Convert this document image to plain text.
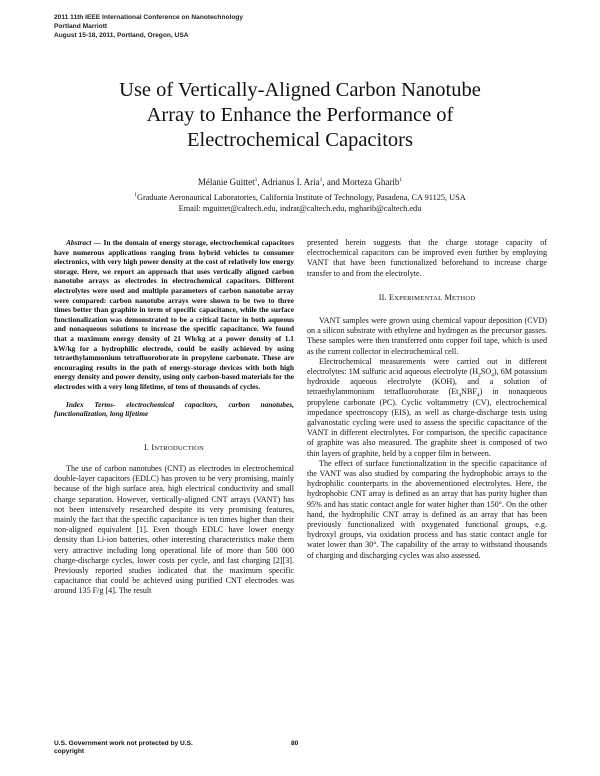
2011 11th IEEE International Conference on Nanotechnology
Portland Marriott
August 15-18, 2011, Portland, Oregon, USA
Use of Vertically-Aligned Carbon Nanotube
Array to Enhance the Performance of
Electrochemical Capacitors
Mélanie Guittet$^1$, Adrianus I. Aria$^1$, and Morteza Gharib$^1$
$^1$Graduate Aeronautical Laboratories, California Institute of Technology, Pasadena, CA 91125, USA
Email: mguittet@caltech.edu, indrat@caltech.edu, mgharib@caltech.edu

Abstract — In the domain of energy storage, electrochemical capacitors have numerous applications ranging from hybrid vehicles to consumer electronics, with very high power density at the cost of relatively low energy storage. Here, we report an approach that uses vertically aligned carbon nanotube arrays as electrodes in electrochemical capacitors. Different electrolytes were used and multiple parameters of carbon nanotube array were compared: carbon nanotube arrays were shown to be two to three times better than graphite in term of specific capacitance, while the surface functionalization was demonstrated to be a critical factor in both aqueous and nonaqueous solutions to increase the specific capacitance. We found that a maximum energy density of 21 Wh/kg at a power density of 1.1 kW/kg for a hydrophilic electrode, could be easily achieved by using tetraethylammonium tetrafluoroborate in propylene carbonate. These are encouraging results in the path of energy-storage devices with both high energy density and power density, using only carbon-based materials for the electrodes with a very long lifetime, of tens of thousands of cycles.

Index Terms- electrochemical capacitors, carbon nanotubes, functionalization, long lifetime

I. INTRODUCTION

The use of carbon nanotubes (CNT) as electrodes in electrochemical double-layer capacitors (EDLC) has proven to be very promising, mainly because of the high surface area, high electrical conductivity and small charge separation. However, vertically-aligned CNT arrays (VANT) has not been intensively researched despite its very promising features, mainly the fact that the specific capacitance is ten times higher than their non-aligned equivalent [1]. Even though EDLC have lower energy density than Li-ion batteries, other interesting characteristics make them very attractive including long operational life of more than 500 000 charge-discharge cycles, lower costs per cycle, and fast charging [2][3]. Previously reported studies indicated that the maximum specific capacitance that could be achieved using purified CNT electrodes was around 135 F/g [4]. The result

presented herein suggests that the charge storage capacity of electrochemical capacitors can be improved even further by employing VANT that have been functionalized beforehand to increase charge transfer to and from the electrolyte.

II. EXPERIMENTAL METHOD

VANT samples were grown using chemical vapour deposition (CVD) on a silicon substrate with ethylene and hydrogen as the precursor gasses. These samples were then transferred onto copper foil tape, which is used as the current collector in electrochemical cell.

Electrochemical measurements were carried out in different electrolytes: 1M sulfuric acid aqueous electrolyte $(H_2SO_4)$, 6M potassium hydroxide aqueous electrolyte (KOH), and a solution of tetraethylammonium tetrafluoroborate $(Et_4NBF_4)$ in nonaqueous propylene carbonate (PC). Cyclic voltammetry (CV), electrochemical impedance spectroscopy (EIS), as well as charge-discharge tests using galvanostatic cycling were used to assess the specific capacitance of the VANT in different electrolytes. For comparison, the specific capacitance of graphite was also measured. The graphite sheet is composed of two thin layers of graphite, held by a copper film in between.

The effect of surface functionalization in the specific capacitance of the VANT was also studied by comparing the hydrophobic arrays to the hydrophilic counterparts in the abovementioned electrolytes. Here, the hydrophobic CNT array is defined as an array that has purity higher than 95% and has static contact angle for water higher than 150°. On the other hand, the hydrophilic CNT array is defined as an array that has been previously functionalized with oxygenated functional groups, e.g. hydroxyl groups, via oxidation process and has static contact angle for water lower than 30°. The capability of the array to withstand thousands of charging and discharging cycles was also assessed.

U.S. Government work not protected by U.S. copyright
80
